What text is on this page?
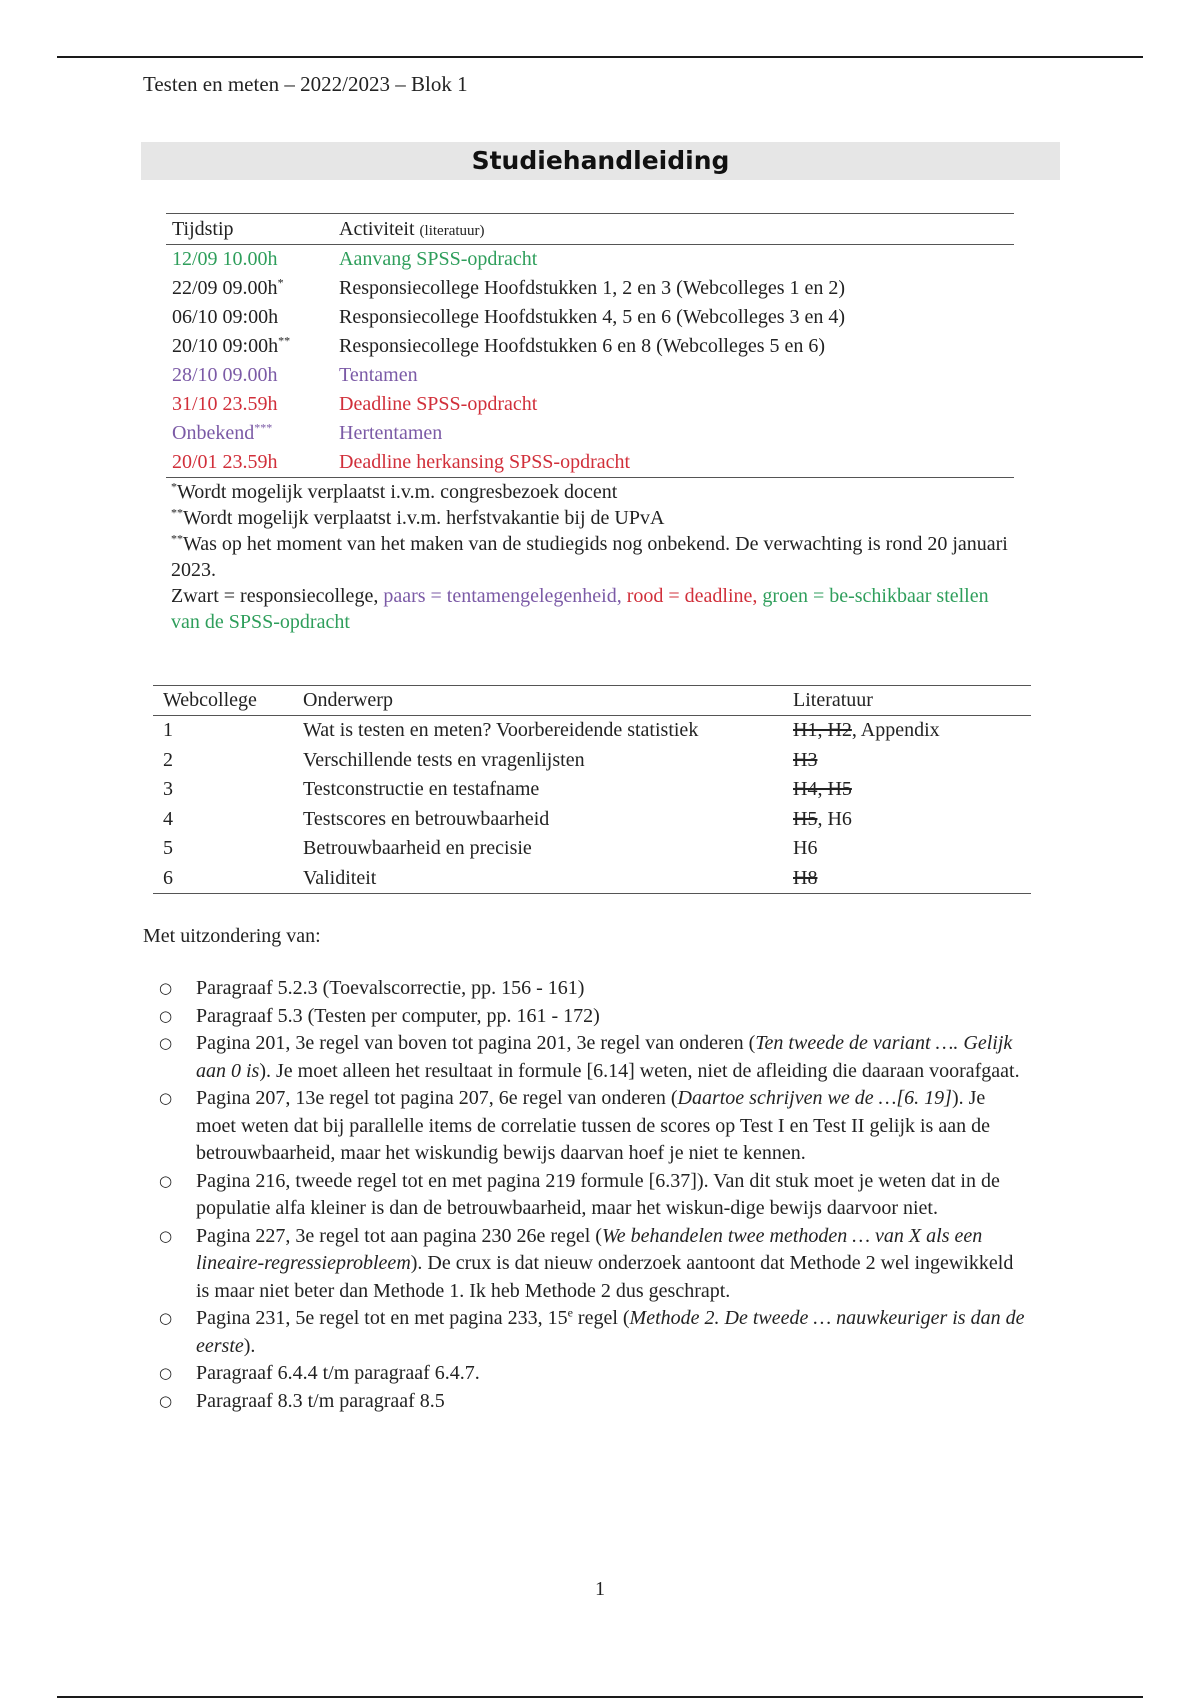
Testen en meten – 2022/2023 – Blok 1
Studiehandleiding
Tijdstip	Activiteit (literatuur)
12/09 10.00h	Aanvang SPSS-opdracht
22/09 09.00h*	Responsiecollege Hoofdstukken 1, 2 en 3 (Webcolleges 1 en 2)
06/10 09:00h	Responsiecollege Hoofdstukken 4, 5 en 6 (Webcolleges 3 en 4)
20/10 09:00h**	Responsiecollege Hoofdstukken 6 en 8 (Webcolleges 5 en 6)
28/10 09.00h	Tentamen
31/10 23.59h	Deadline SPSS-opdracht
Onbekend***	Hertentamen
20/01 23.59h	Deadline herkansing SPSS-opdracht

*Wordt mogelijk verplaatst i.v.m. congresbezoek docent

**Wordt mogelijk verplaatst i.v.m. herfstvakantie bij de UPvA

**Was op het moment van het maken van de studiegids nog onbekend. De verwachting is rond 20 januari 2023.

Zwart = responsiecollege, paars = tentamengelegenheid, rood = deadline, groen = be-schikbaar stellen van de SPSS-opdracht

Webcollege	Onderwerp	Literatuur
1	Wat is testen en meten? Voorbereidende statistiek	H1, H2, Appendix
2	Verschillende tests en vragenlijsten	H3
3	Testconstructie en testafname	H4, H5
4	Testscores en betrouwbaarheid	H5, H6
5	Betrouwbaarheid en precisie	H6
6	Validiteit	H8
Met uitzondering van:
○ Paragraaf 5.2.3 (Toevalscorrectie, pp. 156 - 161)
○ Paragraaf 5.3 (Testen per computer, pp. 161 - 172)
○ Pagina 201, 3e regel van boven tot pagina 201, 3e regel van onderen (Ten tweede de variant …. Gelijk aan 0 is). Je moet alleen het resultaat in formule [6.14] weten, niet de afleiding die daaraan voorafgaat.
○ Pagina 207, 13e regel tot pagina 207, 6e regel van onderen (Daartoe schrijven we de …[6. 19]). Je moet weten dat bij parallelle items de correlatie tussen de scores op Test I en Test II gelijk is aan de betrouwbaarheid, maar het wiskundig bewijs daarvan hoef je niet te kennen.
○ Pagina 216, tweede regel tot en met pagina 219 formule [6.37]). Van dit stuk moet je weten dat in de populatie alfa kleiner is dan de betrouwbaarheid, maar het wiskun-dige bewijs daarvoor niet.
○ Pagina 227, 3e regel tot aan pagina 230 26e regel (We behandelen twee methoden … van X als een lineaire-regressieprobleem). De crux is dat nieuw onderzoek aantoont dat Methode 2 wel ingewikkeld is maar niet beter dan Methode 1. Ik heb Methode 2 dus geschrapt.
○ Pagina 231, 5e regel tot en met pagina 233, 15e regel (Methode 2. De tweede … nauwkeuriger is dan de eerste).
○ Paragraaf 6.4.4 t/m paragraaf 6.4.7.
○ Paragraaf 8.3 t/m paragraaf 8.5
1
